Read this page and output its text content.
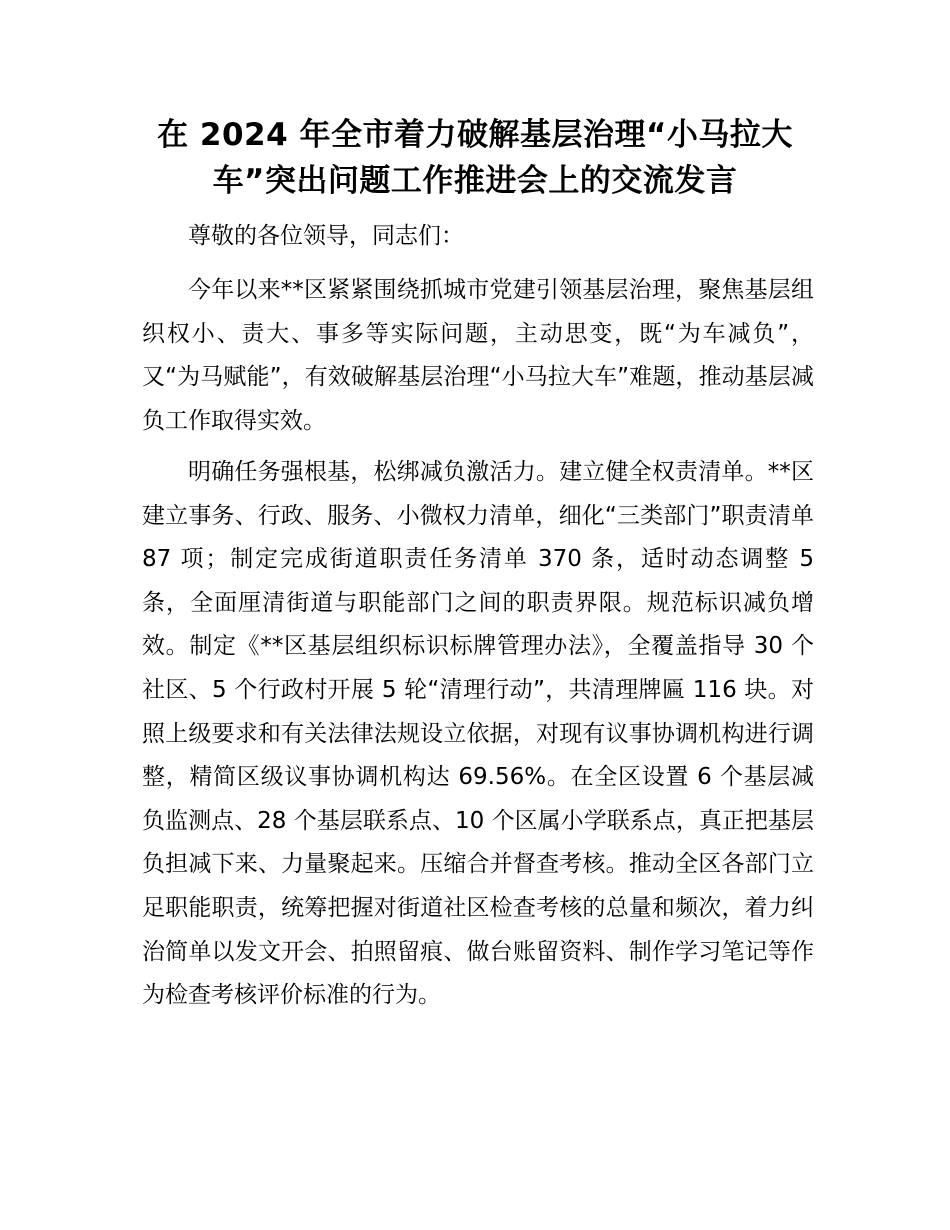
在 2024 年全市着力破解基层治理“小马拉大车”突出问题工作推进会上的交流发言

尊敬的各位领导，同志们：

今年以来**区紧紧围绕抓城市党建引领基层治理，聚焦基层组织权小、责大、事多等实际问题，主动思变，既“为车减负”，又“为马赋能”，有效破解基层治理“小马拉大车”难题，推动基层减负工作取得实效。

明确任务强根基，松绑减负激活力。建立健全权责清单。**区建立事务、行政、服务、小微权力清单，细化“三类部门”职责清单 87 项；制定完成街道职责任务清单 370 条，适时动态调整 5 条，全面厘清街道与职能部门之间的职责界限。规范标识减负增效。制定《**区基层组织标识标牌管理办法》，全覆盖指导 30 个社区、5 个行政村开展 5 轮“清理行动”，共清理牌匾 116 块。对照上级要求和有关法律法规设立依据，对现有议事协调机构进行调整，精简区级议事协调机构达 69.56%。在全区设置 6 个基层减负监测点、28 个基层联系点、10 个区属小学联系点，真正把基层负担减下来、力量聚起来。压缩合并督查考核。推动全区各部门立足职能职责，统筹把握对街道社区检查考核的总量和频次，着力纠治简单以发文开会、拍照留痕、做台账留资料、制作学习笔记等作为检查考核评价标准的行为。
